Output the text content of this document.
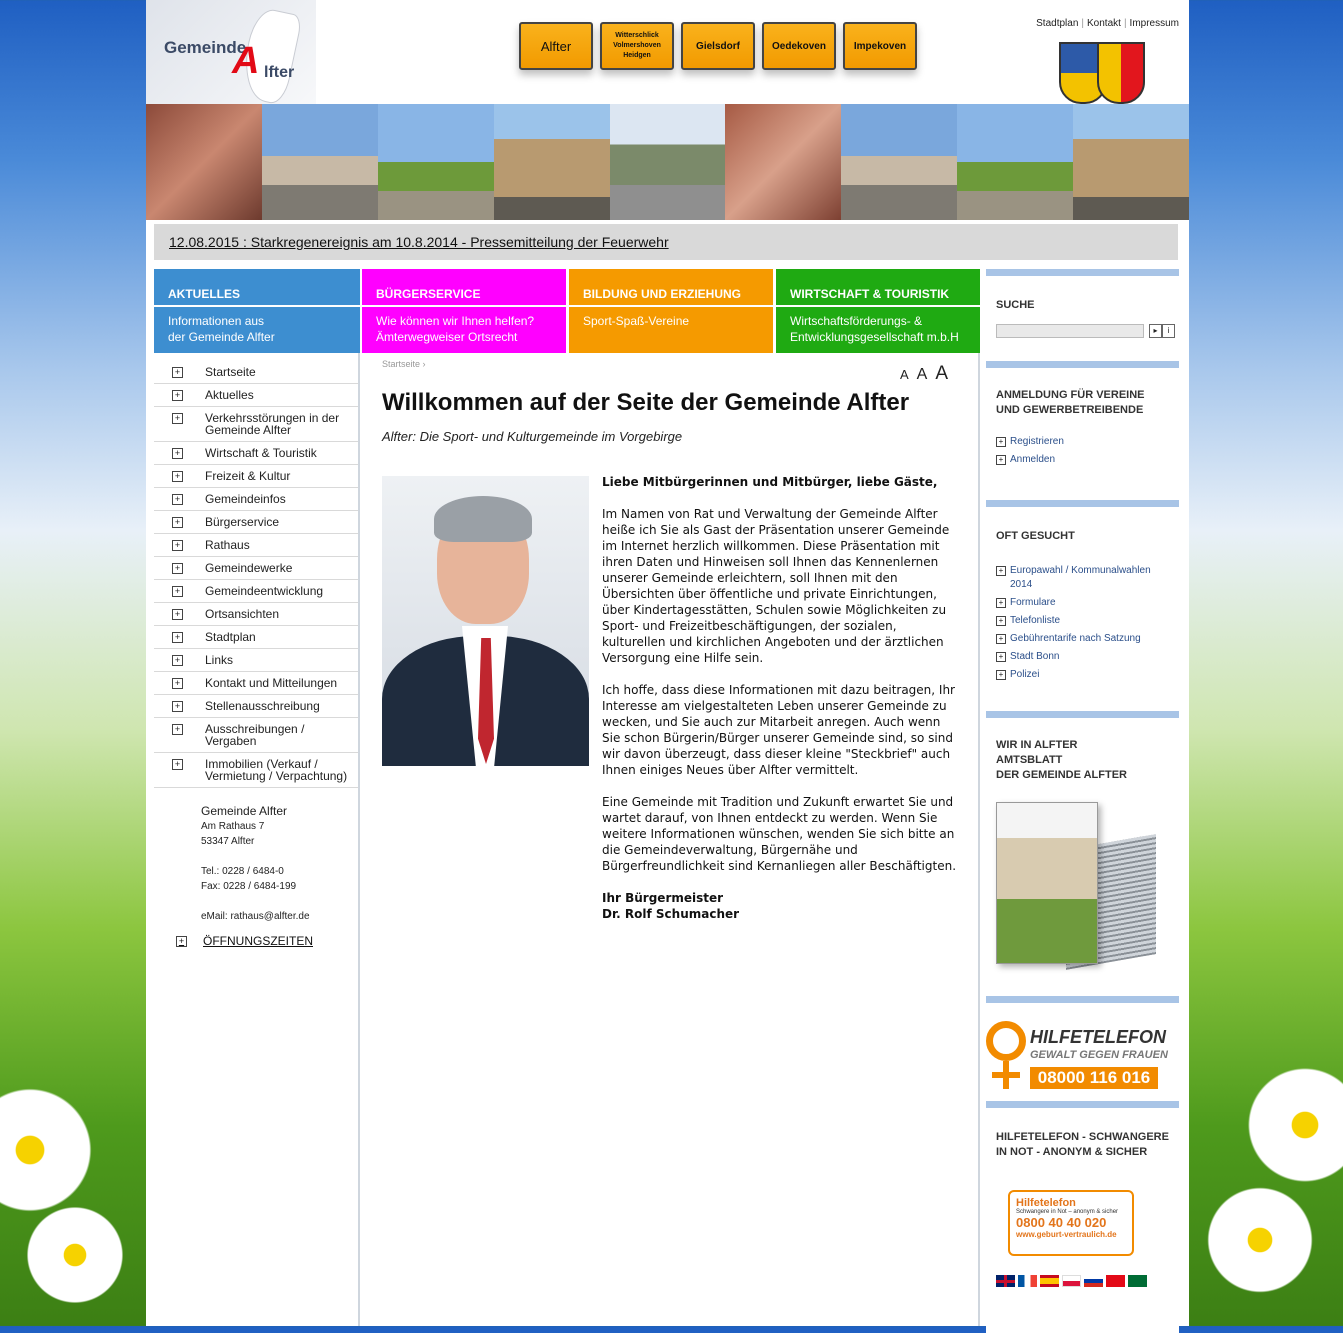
Gemeinde
A lfter
Alfter
Witterschlick Volmershoven Heidgen
Gielsdorf	Oedekoven	Impekoven
Stadtplan | Kontakt | Impressum
12.08.2015 : Starkregenereignis am 10.8.2014 - Pressemitteilung der Feuerwehr
AKTUELLES
Informationen aus
der Gemeinde Alfter
BÜRGERSERVICE
Wie können wir Ihnen helfen?
Ämterwegweiser Ortsrecht
BILDUNG UND ERZIEHUNG
Sport-Spaß-Vereine
WIRTSCHAFT & TOURISTIK
Wirtschaftsförderungs- &
Entwicklungsgesellschaft m.b.H
+ Startseite
+ Aktuelles
+ Verkehrsstörungen in der Gemeinde Alfter
+ Wirtschaft & Touristik
+ Freizeit & Kultur
+ Gemeindeinfos
+ Bürgerservice
+ Rathaus
+ Gemeindewerke
+ Gemeindeentwicklung
+ Ortsansichten
+ Stadtplan
+ Links
+ Kontakt und Mitteilungen
+ Stellenausschreibung
+ Ausschreibungen / Vergaben
+ Immobilien (Verkauf / Vermietung / Verpachtung)
Gemeinde Alfter
Am Rathaus 7
53347 Alfter
Tel.: 0228 / 6484-0
Fax: 0228 / 6484-199
eMail: rathaus@alfter.de
+ ÖFFNUNGSZEITEN
Startseite ›
A A A
Willkommen auf der Seite der Gemeinde Alfter
Alfter: Die Sport- und Kulturgemeinde im Vorgebirge

Liebe Mitbürgerinnen und Mitbürger, liebe Gäste,

Im Namen von Rat und Verwaltung der Gemeinde Alfter heiße ich Sie als Gast der Präsentation unserer Gemeinde im Internet herzlich willkommen. Diese Präsentation mit ihren Daten und Hinweisen soll Ihnen das Kennenlernen unserer Gemeinde erleichtern, soll Ihnen mit den Übersichten über öffentliche und private Einrichtungen, über Kindertagesstätten, Schulen sowie Möglichkeiten zu Sport- und Freizeitbeschäftigungen, der sozialen, kulturellen und kirchlichen Angeboten und der ärztlichen Versorgung eine Hilfe sein.

Ich hoffe, dass diese Informationen mit dazu beitragen, Ihr Interesse am vielgestalteten Leben unserer Gemeinde zu wecken, und Sie auch zur Mitarbeit anregen. Auch wenn Sie schon Bürgerin/Bürger unserer Gemeinde sind, so sind wir davon überzeugt, dass dieser kleine "Steckbrief" auch Ihnen einiges Neues über Alfter vermittelt.

Eine Gemeinde mit Tradition und Zukunft erwartet Sie und wartet darauf, von Ihnen entdeckt zu werden. Wenn Sie weitere Informationen wünschen, wenden Sie sich bitte an die Gemeindeverwaltung, Bürgernähe und Bürgerfreundlichkeit sind Kernanliegen aller Beschäftigten.

Ihr Bürgermeister
Dr. Rolf Schumacher
SUCHE
▸	i
ANMELDUNG FÜR VEREINE
UND GEWERBETREIBENDE
+ Registrieren
+ Anmelden
OFT GESUCHT
+ Europawahl / Kommunalwahlen 2014
+ Formulare
+ Telefonliste
+ Gebührentarife nach Satzung
+ Stadt Bonn
+ Polizei
WIR IN ALFTER
AMTSBLATT
DER GEMEINDE ALFTER
HILFETELEFON
GEWALT GEGEN FRAUEN
08000 116 016
HILFETELEFON - SCHWANGERE
IN NOT - ANONYM & SICHER
Hilfetelefon
Schwangere in Not – anonym & sicher
0800 40 40 020
www.geburt-vertraulich.de
